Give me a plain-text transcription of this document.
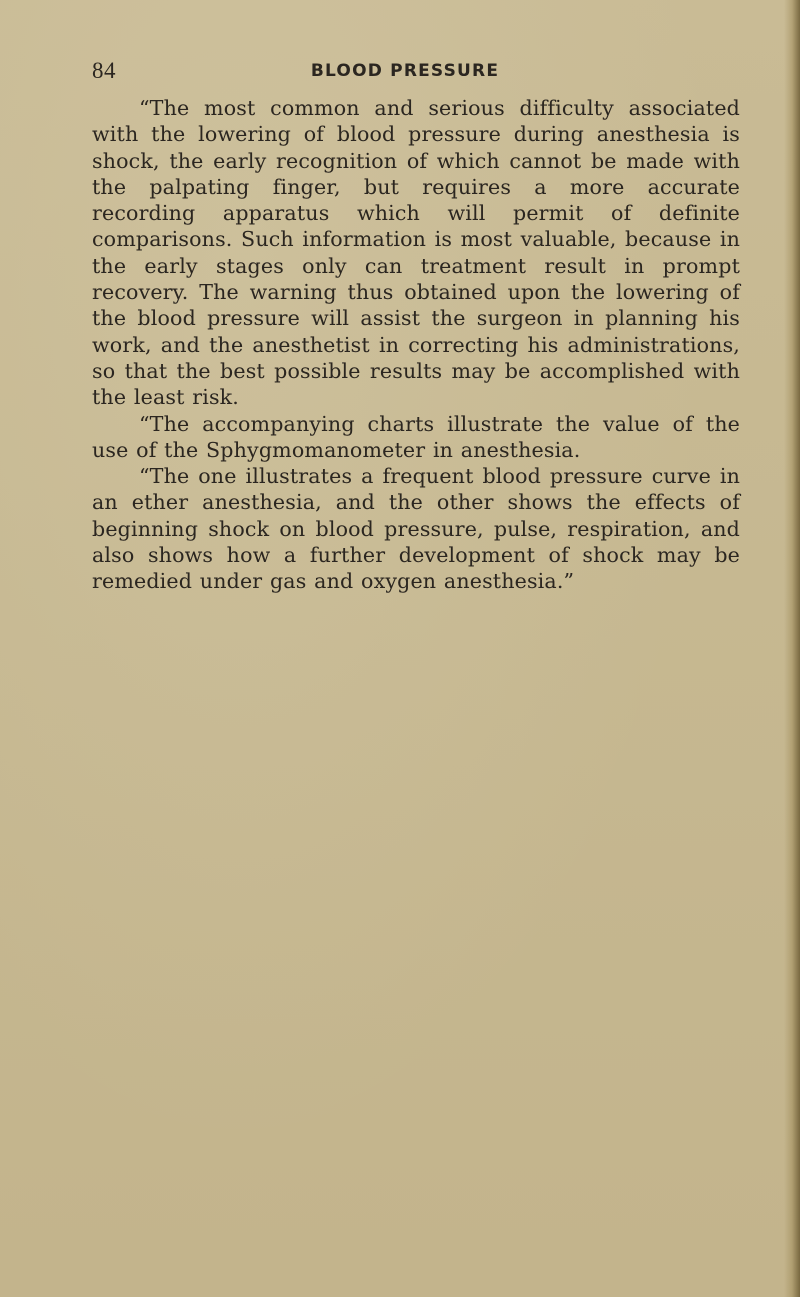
84	BLOOD PRESSURE

“The most common and serious difficulty associated with the lowering of blood pressure during anesthesia is shock, the early recognition of which cannot be made with the palpating finger, but requires a more accurate recording apparatus which will permit of definite comparisons. Such information is most valuable, because in the early stages only can treatment result in prompt recovery. The warning thus obtained upon the lowering of the blood pressure will assist the surgeon in planning his work, and the anesthetist in correcting his administrations, so that the best possible results may be accomplished with the least risk.

“The accompanying charts illustrate the value of the use of the Sphygmomanometer in anesthesia.

“The one illustrates a frequent blood pressure curve in an ether anesthesia, and the other shows the effects of beginning shock on blood pressure, pulse, respiration, and also shows how a further development of shock may be remedied under gas and oxygen anesthesia.”
